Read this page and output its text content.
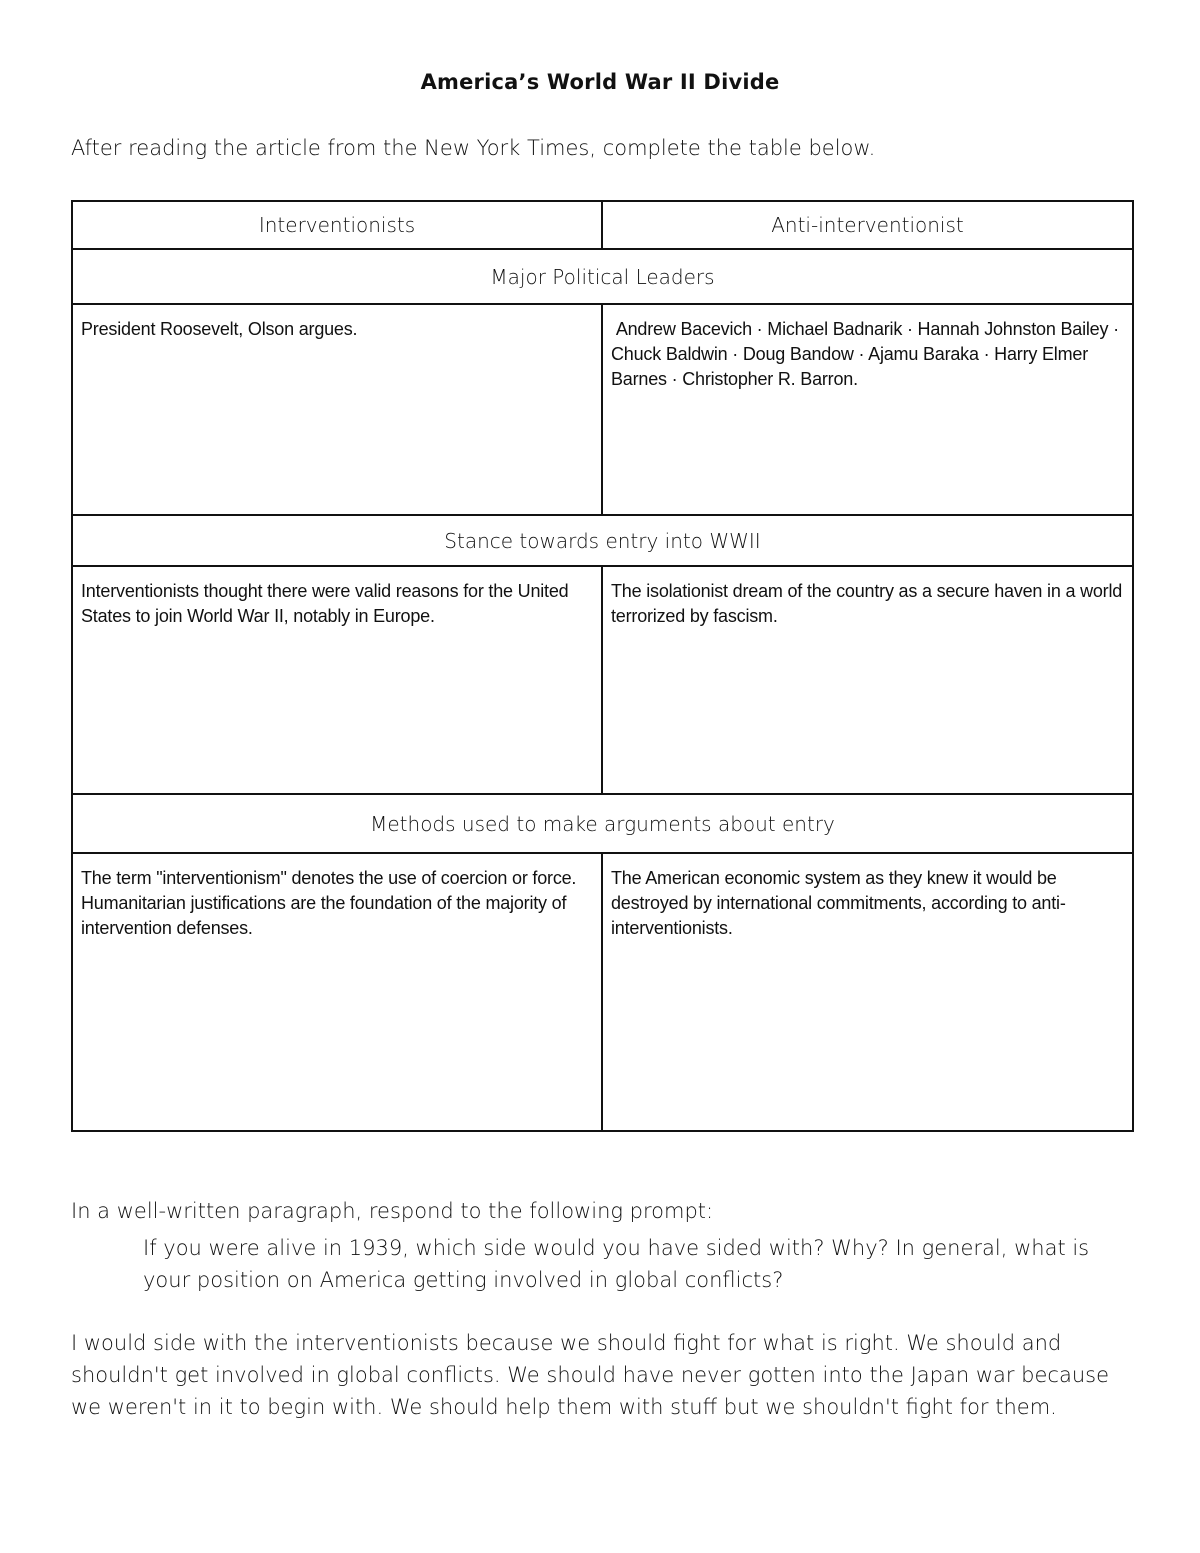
America’s World War II Divide
After reading the article from the New York Times, complete the table below.
Interventionists	Anti-interventionist
Major Political Leaders	
President Roosevelt, Olson argues.	Andrew Bacevich · Michael Badnarik · Hannah Johnston Bailey · Chuck Baldwin · Doug Bandow · Ajamu Baraka · Harry Elmer Barnes · Christopher R. Barron.
Stance towards entry into WWII	
Interventionists thought there were valid reasons for the United States to join World War II, notably in Europe.	The isolationist dream of the country as a secure haven in a world terrorized by fascism.
Methods used to make arguments about entry	
The term "interventionism" denotes the use of coercion or force. Humanitarian justifications are the foundation of the majority of intervention defenses.	The American economic system as they knew it would be destroyed by international commitments, according to anti-interventionists.
In a well-written paragraph, respond to the following prompt:
If you were alive in 1939, which side would you have sided with? Why? In general, what is your position on America getting involved in global conflicts?
I would side with the interventionists because we should fight for what is right. We should and shouldn't get involved in global conflicts. We should have never gotten into the Japan war because we weren't in it to begin with. We should help them with stuff but we shouldn't fight for them.
